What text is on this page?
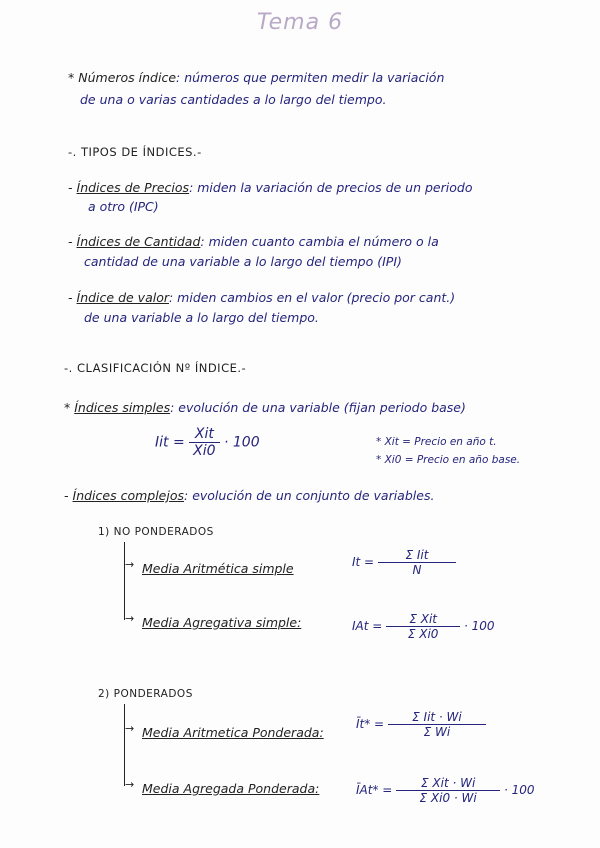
Tema 6
* Números índice: números que permiten medir la variación
de una o varias cantidades a lo largo del tiempo.
-. TIPOS DE ÍNDICES.-
- Índices de Precios: miden la variación de precios de un periodo
a otro (IPC)
- Índices de Cantidad: miden cuanto cambia el número o la
cantidad de una variable a lo largo del tiempo (IPI)
- Índice de valor: miden cambios en el valor (precio por cant.)
de una variable a lo largo del tiempo.
-. CLASIFICACIÓN Nº ÍNDICE.-
* Índices simples: evolución de una variable (fijan periodo base)
Iit = $\frac{\text{Xit}}{Xi0} \cdot 100$	* Xit = Precio en año t.
* Xi0 = Precio en año base.
- Índices complejos: evolución de un conjunto de variables.
1) NO PONDERADOS
→
→
Media Aritmética simple	$It = \frac{\text{Σ Iit}}{N}$
Media Agregativa simple:	IAt = $\frac{\text{Σ Xit}}{\text{Σ Xi0}} \cdot 100$
2) PONDERADOS
→
→
Media Aritmetica Ponderada:
Īt* = $\frac{\text{Σ Iit · Wi}}{\text{Σ Wi}}$
Media Agregada Ponderada:	ĪAt* = $\frac{\text{Σ Xit · Wi}}{\text{Σ Xi0 · Wi}} \cdot 100$
